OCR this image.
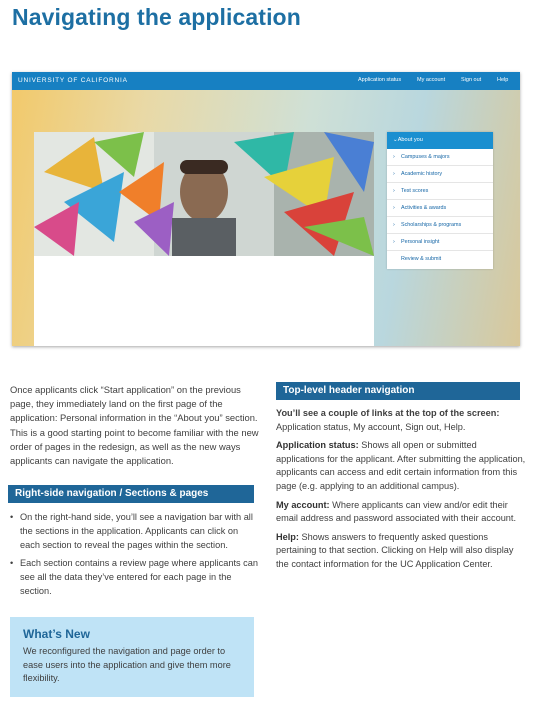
Navigating the application
UNIVERSITY OF CALIFORNIA	Application status	My account	Sign out	Help
⌄About you
› Campuses & majors
› Academic history
› Test scores
› Activities & awards
› Scholarships & programs
› Personal insight
Review & submit

Once applicants click “Start application” on the previous page, they immediately land on the first page of the application: Personal information in the “About you” section. This is a good starting point to become familiar with the new order of pages in the redesign, as well as the new ways applicants can navigate the application.

Right-side navigation / Sections & pages
• On the right-hand side, you’ll see a navigation bar with all the sections in the application. Applicants can click on each section to reveal the pages within the section.
• Each section contains a review page where applicants can see all the data they’ve entered for each page in the section.
What’s New
We reconfigured the navigation and page order to ease users into the application and give them more flexibility.
Top-level header navigation

You’ll see a couple of links at the top of the screen: Application status, My account, Sign out, Help.

Application status: Shows all open or submitted applications for the applicant. After submitting the application, applicants can access and edit certain information from this page (e.g. applying to an additional campus).

My account: Where applicants can view and/or edit their email address and password associated with their account.

Help: Shows answers to frequently asked questions pertaining to that section. Clicking on Help will also display the contact information for the UC Application Center.
